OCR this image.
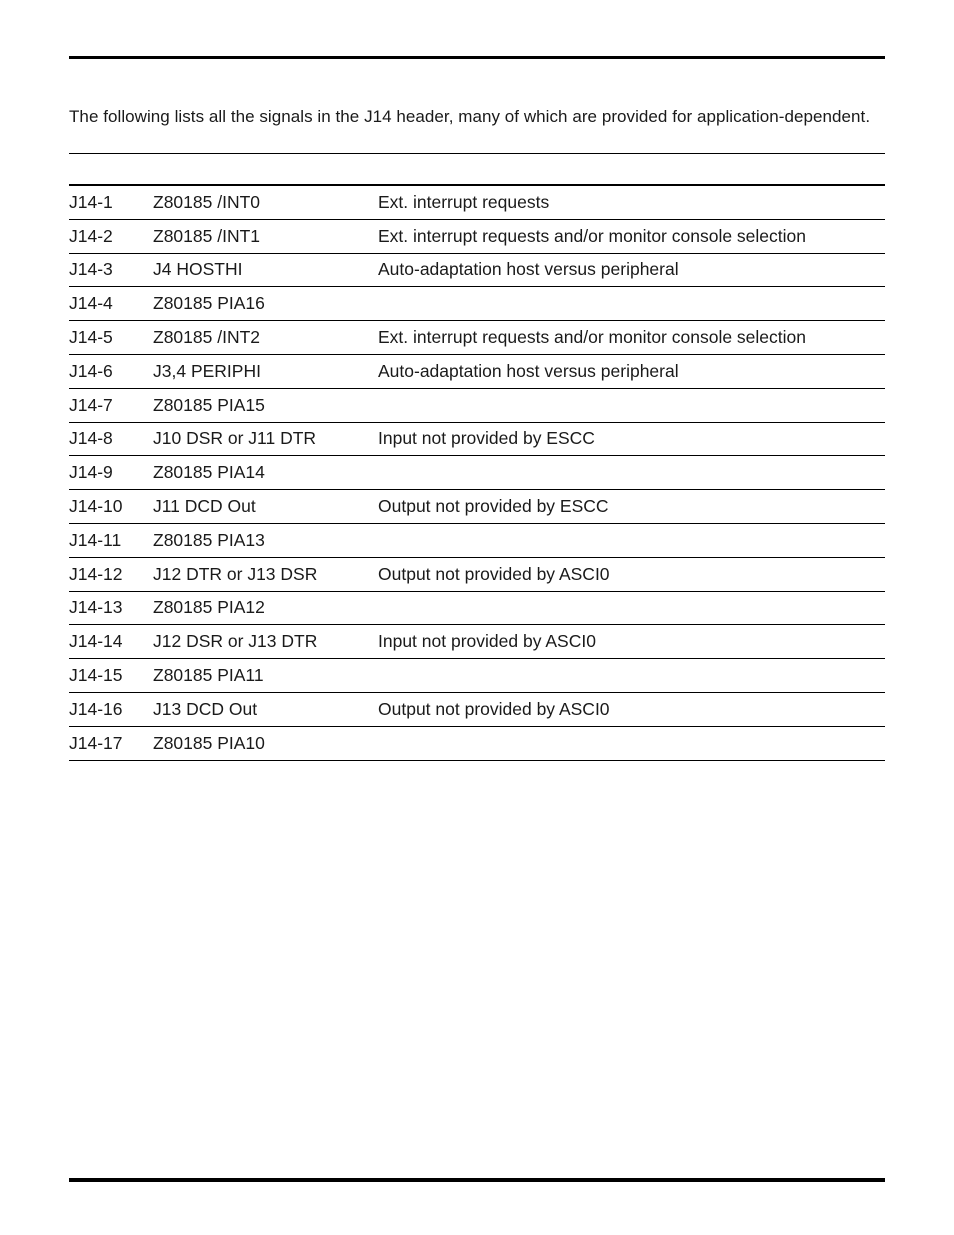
The following lists all the signals in the J14 header, many of which are provided for application-dependent.

J14-1	Z80185 /INT0	Ext. interrupt requests
J14-2	Z80185 /INT1	Ext. interrupt requests and/or monitor console selection
J14-3	J4 HOSTHI	Auto-adaptation host versus peripheral
J14-4	Z80185 PIA16	
J14-5	Z80185 /INT2	Ext. interrupt requests and/or monitor console selection
J14-6	J3,4 PERIPHI	Auto-adaptation host versus peripheral
J14-7	Z80185 PIA15	
J14-8	J10 DSR or J11 DTR	Input not provided by ESCC
J14-9	Z80185 PIA14	
J14-10	J11 DCD Out	Output not provided by ESCC
J14-11	Z80185 PIA13	
J14-12	J12 DTR or J13 DSR	Output not provided by ASCI0
J14-13	Z80185 PIA12	
J14-14	J12 DSR or J13 DTR	Input not provided by ASCI0
J14-15	Z80185 PIA11	
J14-16	J13 DCD Out	Output not provided by ASCI0
J14-17	Z80185 PIA10	
